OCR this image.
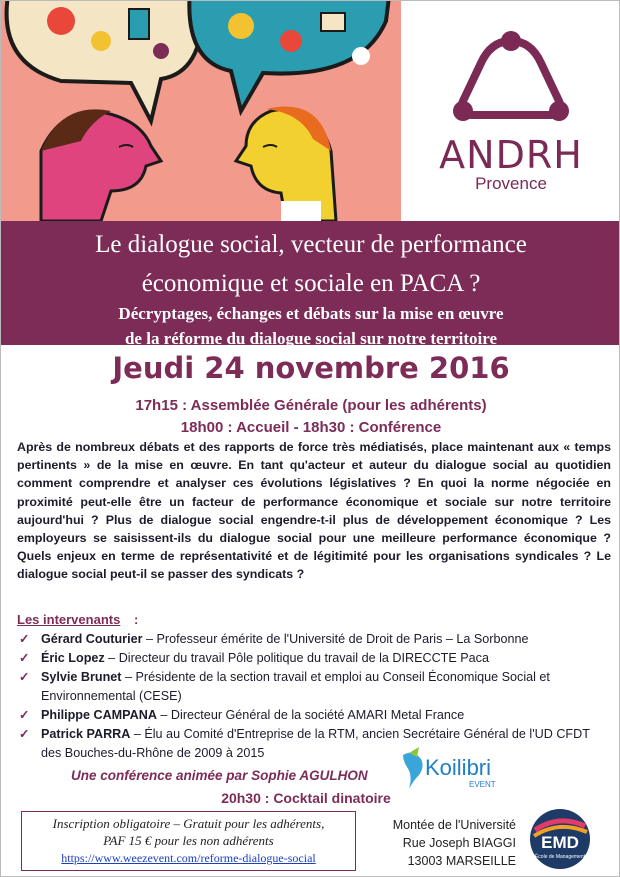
ANDRH
Provence
Le dialogue social, vecteur de performance
économique et sociale en PACA ?
Décryptages, échanges et débats sur la mise en œuvre
de la réforme du dialogue social sur notre territoire
Jeudi 24 novembre 2016
17h15 : Assemblée Générale (pour les adhérents)
18h00 : Accueil - 18h30 : Conférence

Après de nombreux débats et des rapports de force très médiatisés, place maintenant aux « temps pertinents » de la mise en œuvre. En tant qu'acteur et auteur du dialogue social au quotidien comment comprendre et analyser ces évolutions législatives ? En quoi la norme négociée en proximité peut-elle être un facteur de performance économique et sociale sur notre territoire aujourd'hui ? Plus de dialogue social engendre-t-il plus de développement économique ? Les employeurs se saisissent-ils du dialogue social pour une meilleure performance économique ? Quels enjeux en terme de représentativité et de légitimité pour les organisations syndicales ? Le dialogue social peut-il se passer des syndicats ?

Les intervenants :
✓ Gérard Couturier – Professeur émérite de l'Université de Droit de Paris – La Sorbonne
✓ Éric Lopez – Directeur du travail Pôle politique du travail de la DIRECCTE Paca
✓ Sylvie Brunet – Présidente de la section travail et emploi au Conseil Économique Social et Environnemental (CESE)
✓ Philippe CAMPANA – Directeur Général de la société AMARI Metal France
✓ Patrick PARRA – Élu au Comité d'Entreprise de la RTM, ancien Secrétaire Général de l'UD CFDT des Bouches-du-Rhône de 2009 à 2015
Une conférence animée par Sophie AGULHON	Koilibri
EVENT
20h30 : Cocktail dinatoire
Inscription obligatoire – Gratuit pour les adhérents,
PAF 15 € pour les non adhérents
https://www.weezevent.com/reforme-dialogue-social
Montée de l'Université
Rue Joseph BIAGGI
13003 MARSEILLE
EMD
École de Management
